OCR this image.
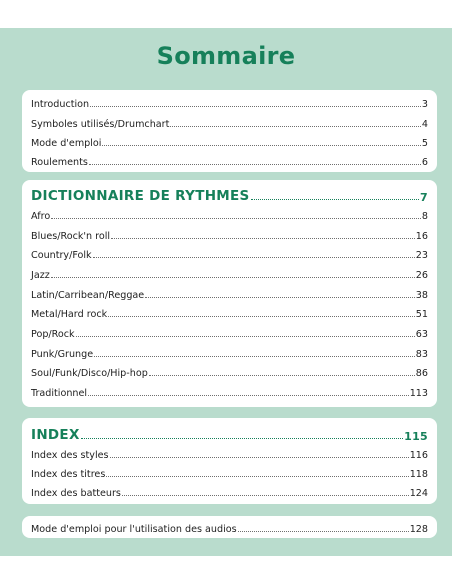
Sommaire
Introduction	3
Symboles utilisés/Drumchart	4
Mode d'emploi	5
Roulements	6
DICTIONNAIRE DE RYTHMES	7
Afro	8
Blues/Rock'n roll	16
Country/Folk	23
Jazz	26
Latin/Carribean/Reggae	38
Metal/Hard rock	51
Pop/Rock	63
Punk/Grunge	83
Soul/Funk/Disco/Hip-hop	86
Traditionnel	113
INDEX	115
Index des styles	116
Index des titres	118
Index des batteurs	124
Mode d'emploi pour l'utilisation des audios	128
